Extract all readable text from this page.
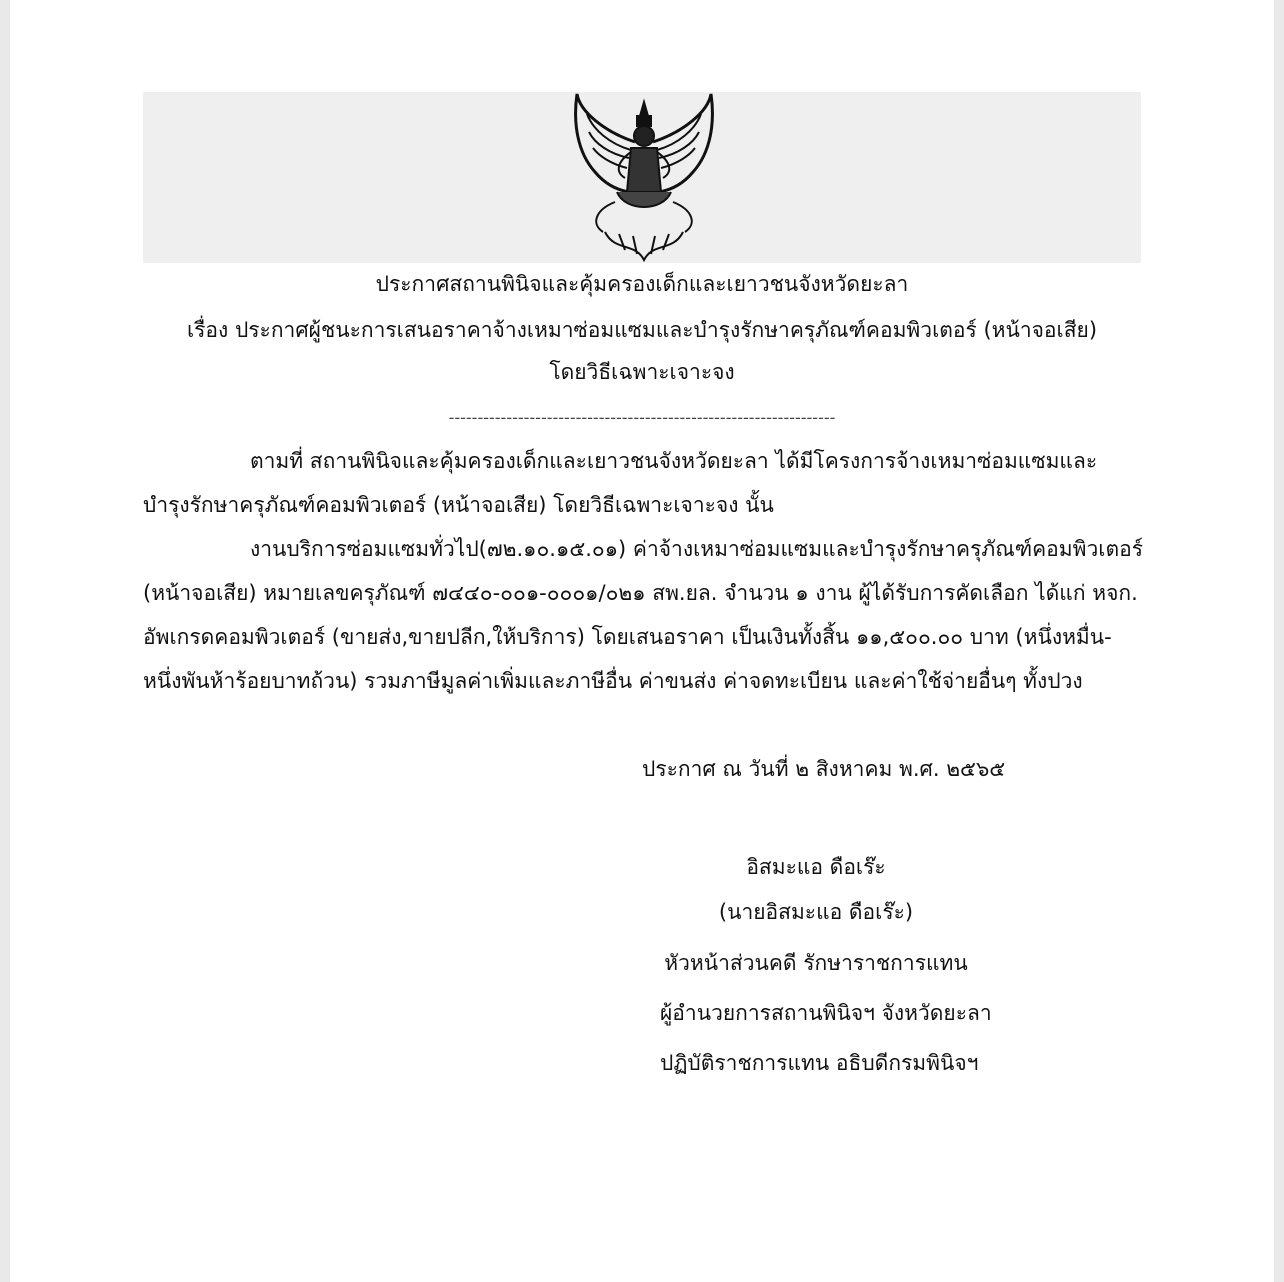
ประกาศสถานพินิจและคุ้มครองเด็กและเยาวชนจังหวัดยะลา
เรื่อง ประกาศผู้ชนะการเสนอราคาจ้างเหมาซ่อมแซมและบำรุงรักษาครุภัณฑ์คอมพิวเตอร์ (หน้าจอเสีย)
โดยวิธีเฉพาะเจาะจง
-------------------------------------------------------------------
ตามที่ สถานพินิจและคุ้มครองเด็กและเยาวชนจังหวัดยะลา ได้มีโครงการจ้างเหมาซ่อมแซมและ
บำรุงรักษาครุภัณฑ์คอมพิวเตอร์ (หน้าจอเสีย) โดยวิธีเฉพาะเจาะจง นั้น
งานบริการซ่อมแซมทั่วไป(๗๒.๑๐.๑๕.๐๑) ค่าจ้างเหมาซ่อมแซมและบำรุงรักษาครุภัณฑ์คอมพิวเตอร์
(หน้าจอเสีย) หมายเลขครุภัณฑ์ ๗๔๔๐-๐๐๑-๐๐๐๑/๐๒๑ สพ.ยล. จำนวน ๑ งาน ผู้ได้รับการคัดเลือก ได้แก่ หจก.
อัพเกรดคอมพิวเตอร์ (ขายส่ง,ขายปลีก,ให้บริการ) โดยเสนอราคา เป็นเงินทั้งสิ้น ๑๑,๕๐๐.๐๐ บาท (หนึ่งหมื่น-
หนึ่งพันห้าร้อยบาทถ้วน) รวมภาษีมูลค่าเพิ่มและภาษีอื่น ค่าขนส่ง ค่าจดทะเบียน และค่าใช้จ่ายอื่นๆ ทั้งปวง
ประกาศ ณ วันที่ ๒ สิงหาคม พ.ศ. ๒๕๖๕
อิสมะแอ ดือเร๊ะ
(นายอิสมะแอ ดือเร๊ะ)
หัวหน้าส่วนคดี รักษาราชการแทน
ผู้อำนวยการสถานพินิจฯ จังหวัดยะลา
ปฏิบัติราชการแทน อธิบดีกรมพินิจฯ
